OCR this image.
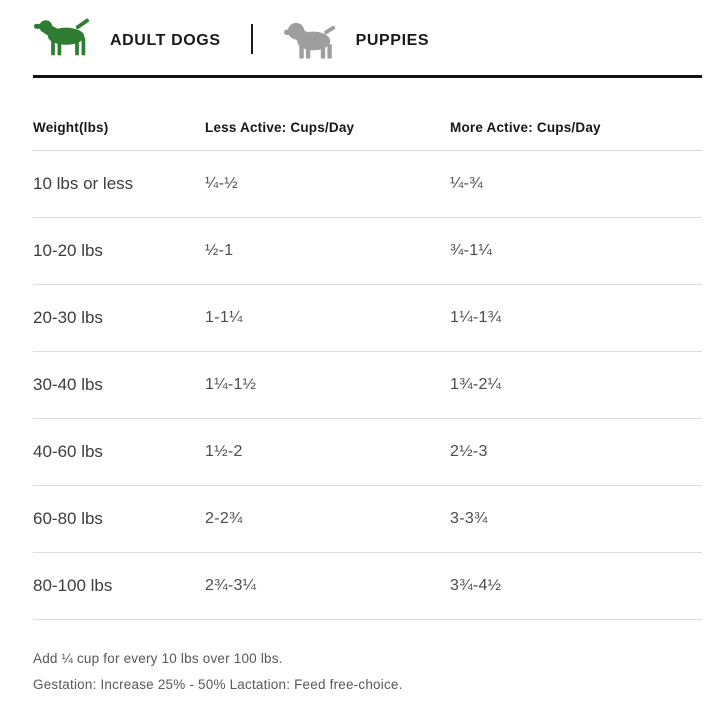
ADULT DOGS	PUPPIES
Weight(lbs)	Less Active: Cups/Day	More Active: Cups/Day
10 lbs or less	¼-½	¼-¾
10-20 lbs	½-1	¾-1¼
20-30 lbs	1-1¼	1¼-1¾
30-40 lbs	1¼-1½	1¾-2¼
40-60 lbs	1½-2	2½-3
60-80 lbs	2-2¾	3-3¾
80-100 lbs	2¾-3¼	3¾-4½
Add ¼ cup for every 10 lbs over 100 lbs.
Gestation: Increase 25% - 50% Lactation: Feed free-choice.
